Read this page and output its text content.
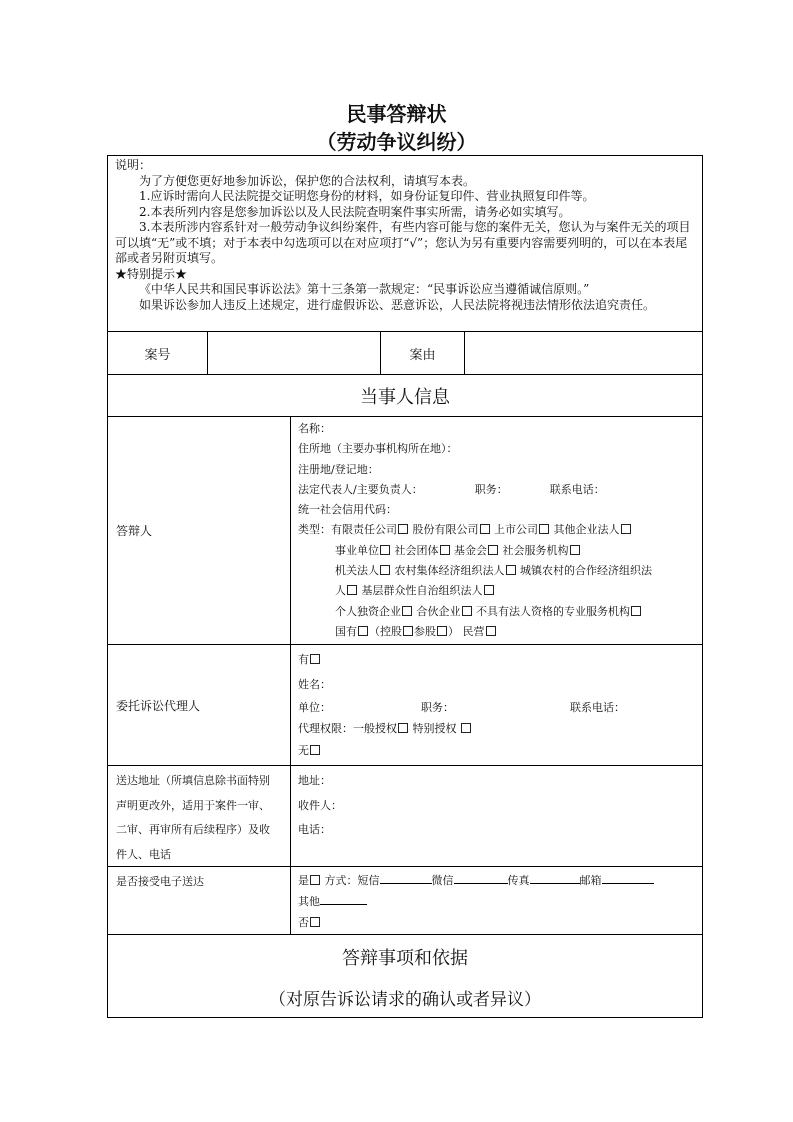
民事答辩状
（劳动争议纠纷）

说明：

为了方便您更好地参加诉讼，保护您的合法权利，请填写本表。

1.应诉时需向人民法院提交证明您身份的材料，如身份证复印件、营业执照复印件等。

2.本表所列内容是您参加诉讼以及人民法院查明案件事实所需，请务必如实填写。

3.本表所涉内容系针对一般劳动争议纠纷案件，有些内容可能与您的案件无关，您认为与案件无关的项目可以填“无”或不填；对于本表中勾选项可以在对应项打“√”；您认为另有重要内容需要列明的，可以在本表尾部或者另附页填写。

★特别提示★

《中华人民共和国民事诉讼法》第十三条第一款规定：“民事诉讼应当遵循诚信原则。”

如果诉讼参加人违反上述规定，进行虚假诉讼、恶意诉讼，人民法院将视违法情形依法追究责任。

案号	案由
当事人信息
答辩人

名称：

住所地（主要办事机构所在地）：

注册地/登记地：

法定代表人/主要负责人：	职务：	联系电话：

统一社会信用代码：

类型：有限责任公司 股份有限公司 上市公司 其他企业法人

事业单位 社会团体 基金会 社会服务机构

机关法人 农村集体经济组织法人 城镇农村的合作经济组织法

人 基层群众性自治组织法人

个人独资企业 合伙企业 不具有法人资格的专业服务机构

国有 （控股 参股 ） 民营

委托诉讼代理人

有

姓名：

单位：	职务：	联系电话：

代理权限：一般授权 特别授权

无

送达地址（所填信息除书面特别

声明更改外，适用于案件一审、

二审、再审所有后续程序）及收

件人、电话

地址：

收件人：

电话：

是否接受电子送达	是 方式：短信	微信	传真	邮箱

其他

否

答辩事项和依据
（对原告诉讼请求的确认或者异议）
